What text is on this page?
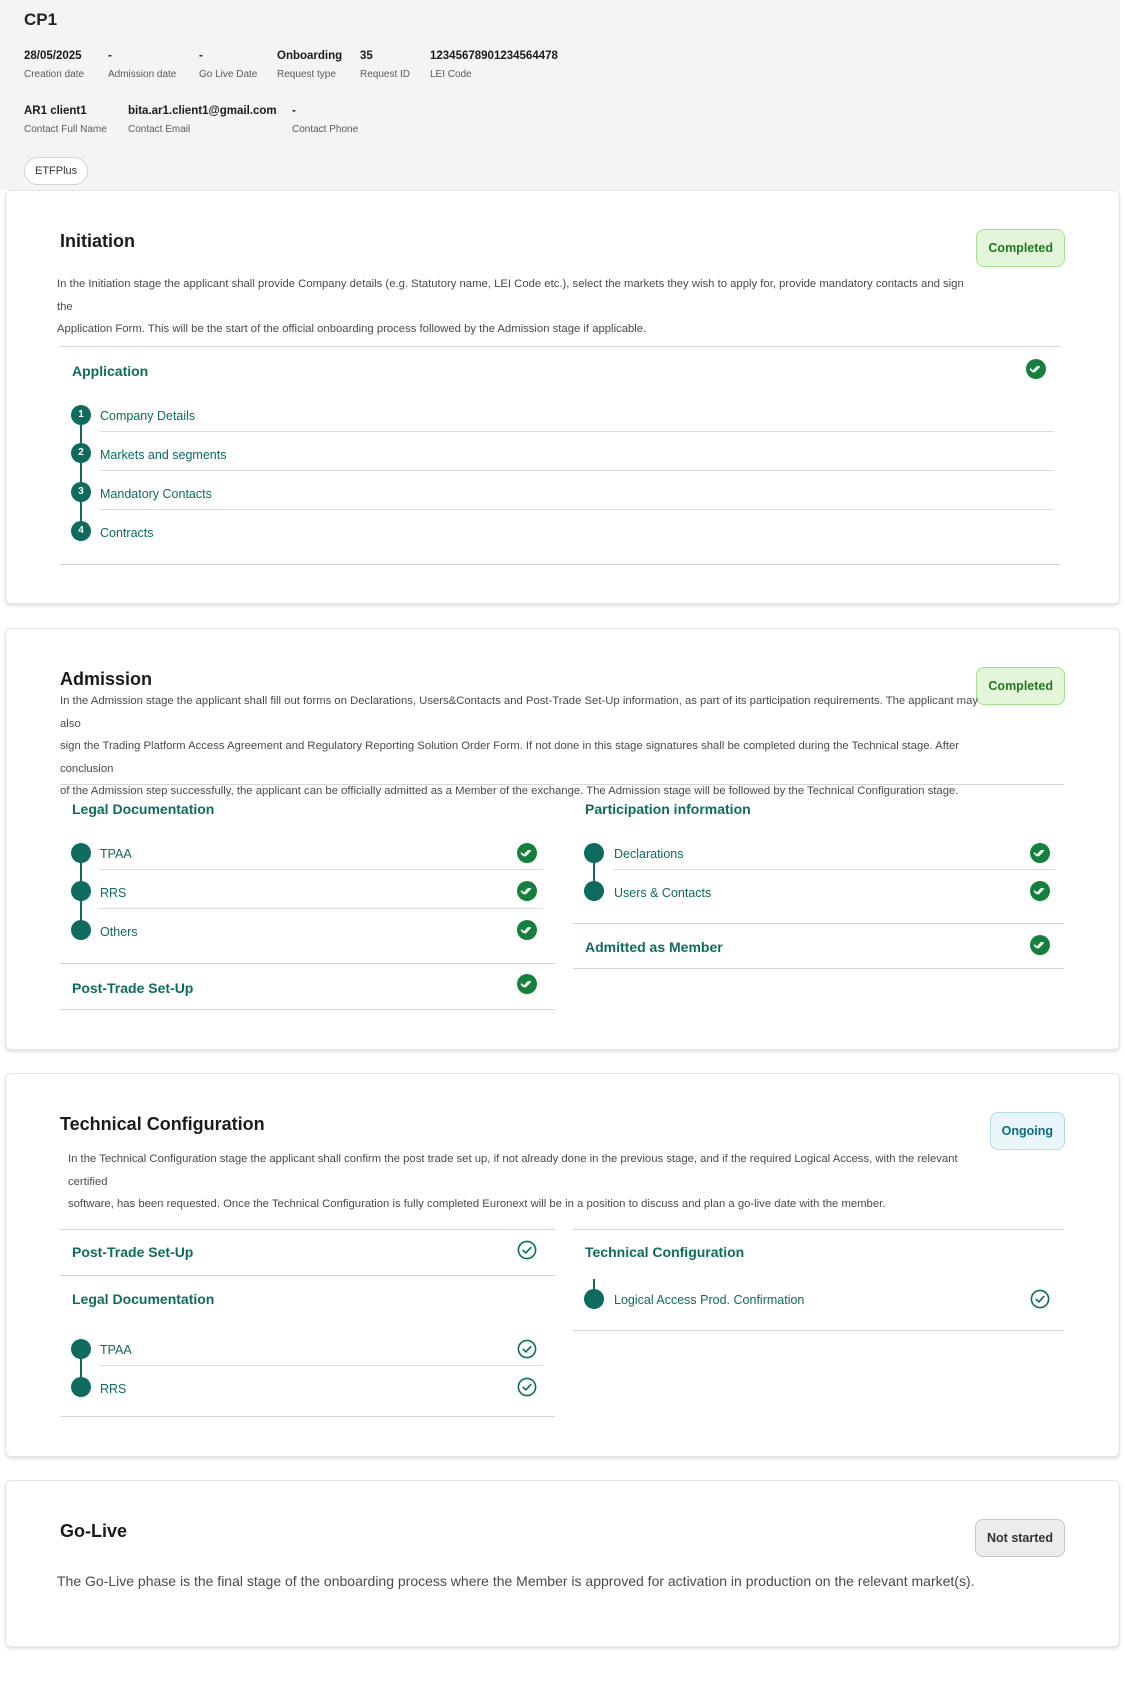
CP1
28/05/2025
Creation date
-
Admission date
-
Go Live Date
Onboarding
Request type
35
Request ID
12345678901234564478
LEI Code
AR1 client1
Contact Full Name
bita.ar1.client1@gmail.com
Contact Email
-
Contact Phone
ETFPlus
Initiation	Completed
In the Initiation stage the applicant shall provide Company details (e.g. Statutory name, LEI Code etc.), select the markets they wish to apply for, provide mandatory contacts and sign the
Application Form. This will be the start of the official onboarding process followed by the Admission stage if applicable.
Application
1	Company Details
2	Markets and segments
3	Mandatory Contacts
4	Contracts
Admission	Completed
In the Admission stage the applicant shall fill out forms on Declarations, Users&Contacts and Post-Trade Set-Up information, as part of its participation requirements. The applicant may also
sign the Trading Platform Access Agreement and Regulatory Reporting Solution Order Form. If not done in this stage signatures shall be completed during the Technical stage. After conclusion
of the Admission step successfully, the applicant can be officially admitted as a Member of the exchange. The Admission stage will be followed by the Technical Configuration stage.
Legal Documentation
TPAA
RRS
Others
Post-Trade Set-Up
Participation information
Declarations
Users & Contacts
Admitted as Member
Technical Configuration	Ongoing
In the Technical Configuration stage the applicant shall confirm the post trade set up, if not already done in the previous stage, and if the required Logical Access, with the relevant certified
software, has been requested. Once the Technical Configuration is fully completed Euronext will be in a position to discuss and plan a go-live date with the member.
Post-Trade Set-Up
Legal Documentation
TPAA
RRS
Technical Configuration
Logical Access Prod. Confirmation
Go-Live	Not started
The Go-Live phase is the final stage of the onboarding process where the Member is approved for activation in production on the relevant market(s).
